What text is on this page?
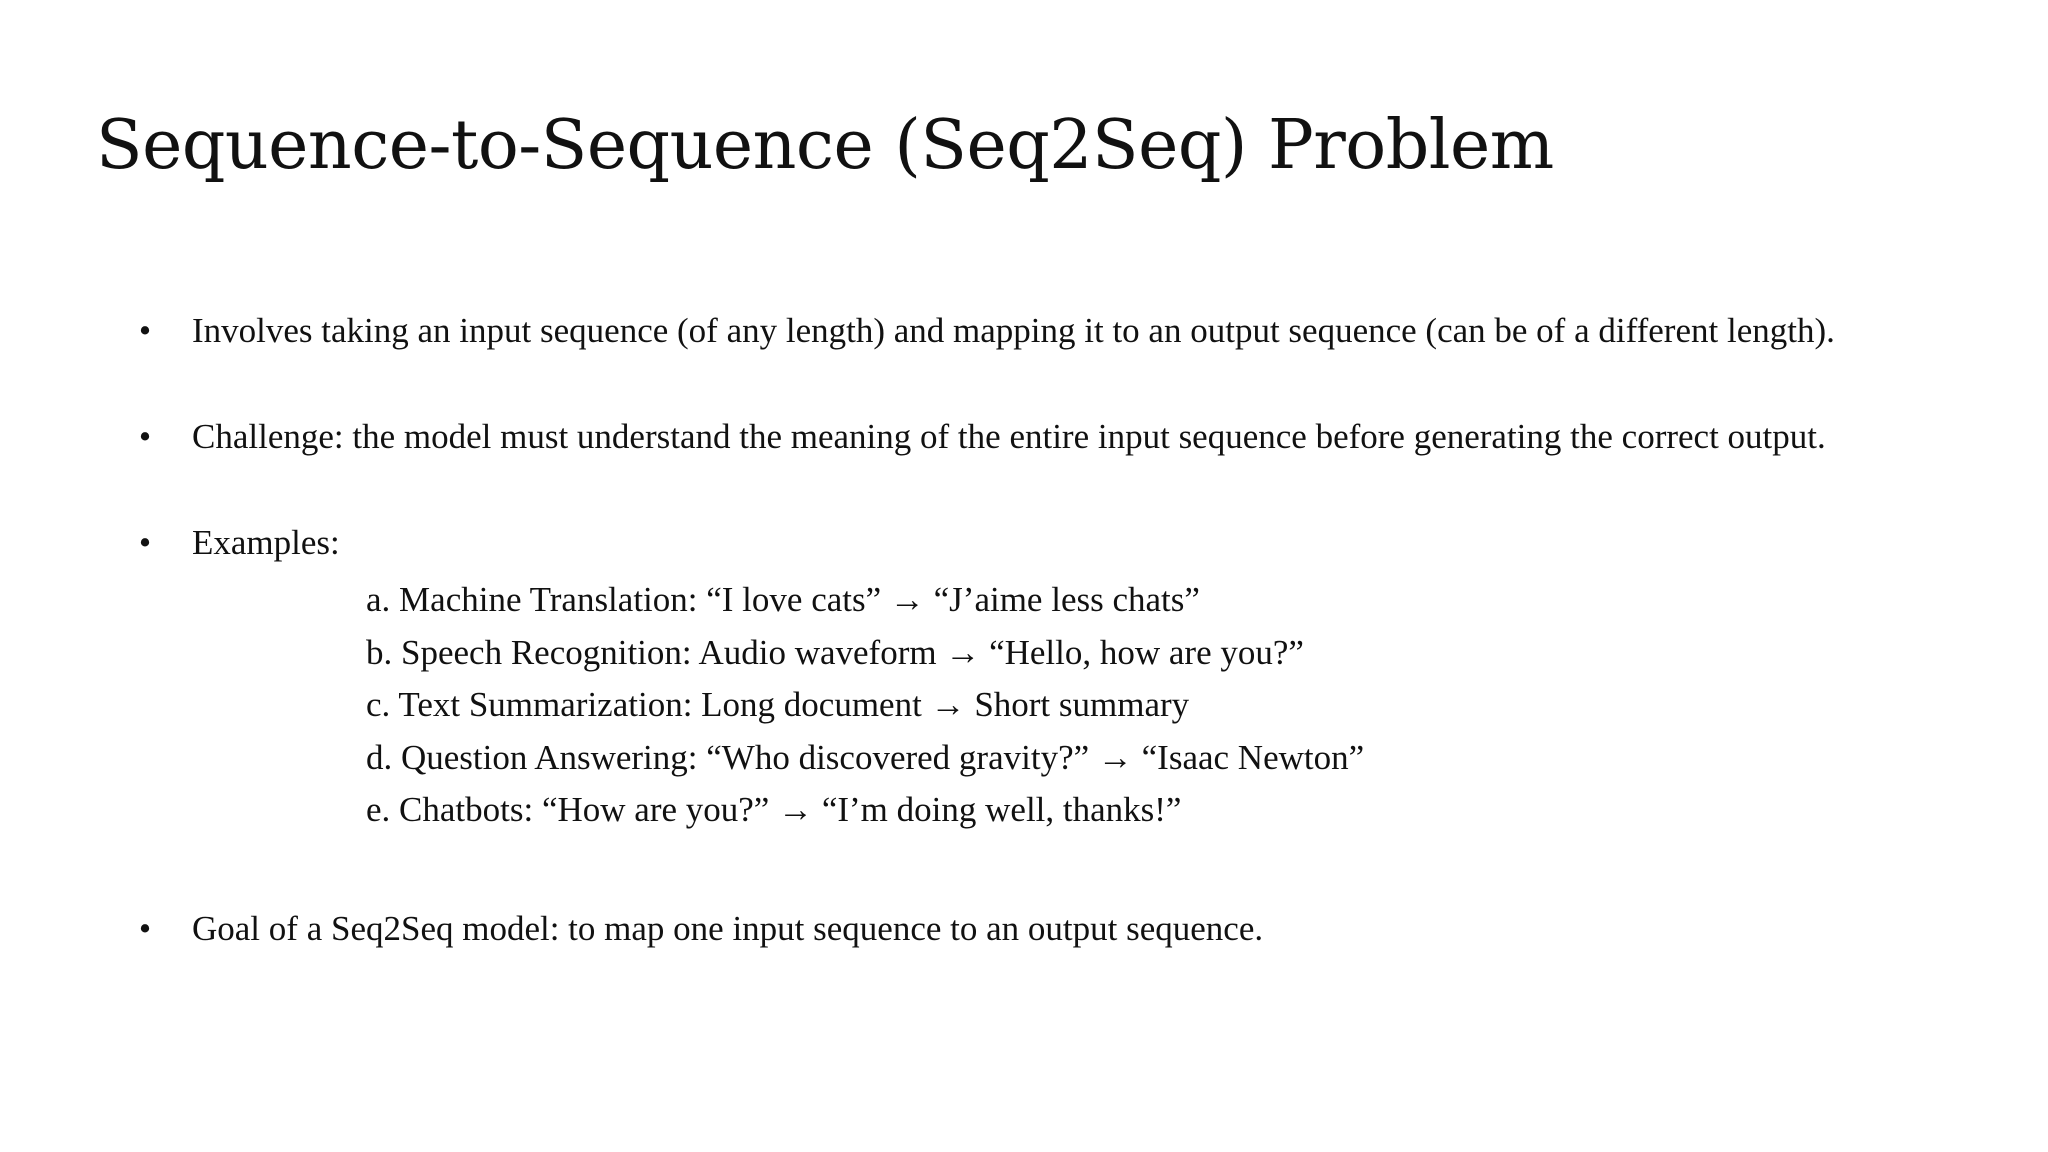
Sequence-to-Sequence (Seq2Seq) Problem
• Involves taking an input sequence (of any length) and mapping it to an output sequence (can be of a different length).
• Challenge: the model must understand the meaning of the entire input sequence before generating the correct output.
• Examples:
a. Machine Translation: “I love cats” → “J’aime less chats”
b. Speech Recognition: Audio waveform → “Hello, how are you?”
c. Text Summarization: Long document → Short summary
d. Question Answering: “Who discovered gravity?” → “Isaac Newton”
e. Chatbots: “How are you?” → “I’m doing well, thanks!”
• Goal of a Seq2Seq model: to map one input sequence to an output sequence.
